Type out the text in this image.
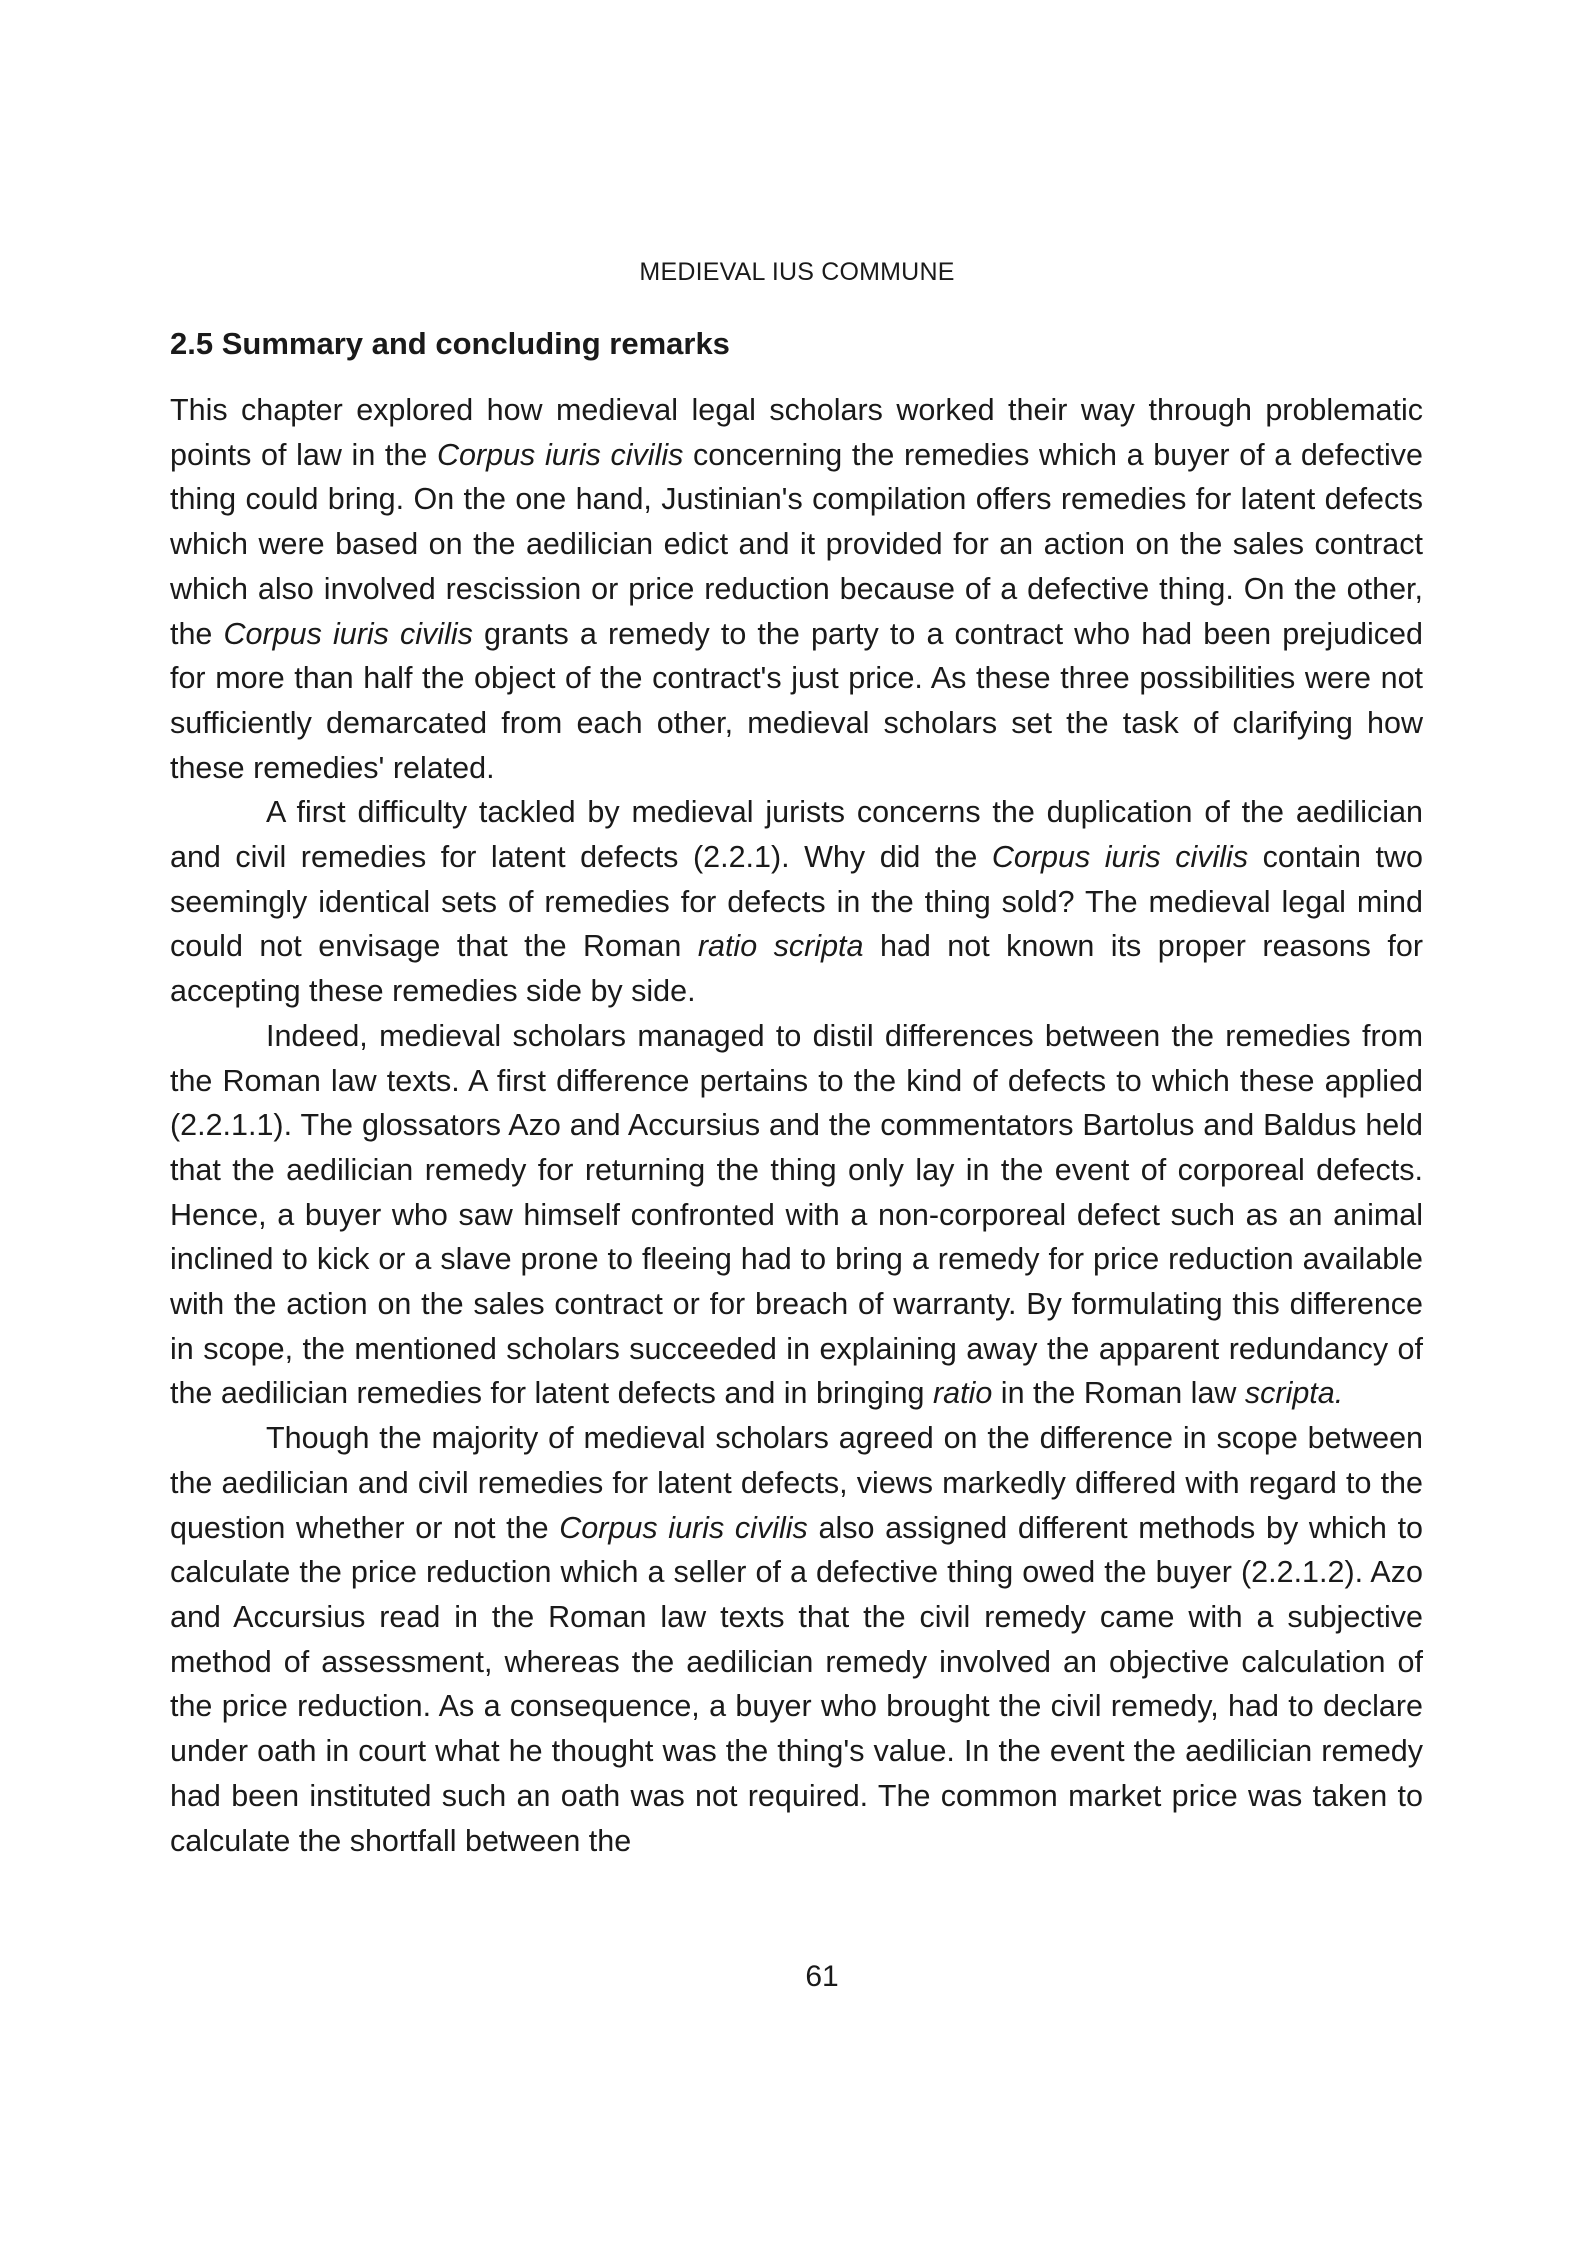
MEDIEVAL IUS COMMUNE
2.5 Summary and concluding remarks

This chapter explored how medieval legal scholars worked their way through problematic points of law in the Corpus iuris civilis concerning the remedies which a buyer of a defective thing could bring. On the one hand, Justinian's compilation offers remedies for latent defects which were based on the aedilician edict and it provided for an action on the sales contract which also involved rescission or price reduction because of a defective thing. On the other, the Corpus iuris civilis grants a remedy to the party to a contract who had been prejudiced for more than half the object of the contract's just price. As these three possibilities were not sufficiently demarcated from each other, medieval scholars set the task of clarifying how these remedies' related.

A first difficulty tackled by medieval jurists concerns the duplication of the aedilician and civil remedies for latent defects (2.2.1). Why did the Corpus iuris civilis contain two seemingly identical sets of remedies for defects in the thing sold? The medieval legal mind could not envisage that the Roman ratio scripta had not known its proper reasons for accepting these remedies side by side.

Indeed, medieval scholars managed to distil differences between the remedies from the Roman law texts. A first difference pertains to the kind of defects to which these applied (2.2.1.1). The glossators Azo and Accursius and the commentators Bartolus and Baldus held that the aedilician remedy for returning the thing only lay in the event of corporeal defects. Hence, a buyer who saw himself confronted with a non-corporeal defect such as an animal inclined to kick or a slave prone to fleeing had to bring a remedy for price reduction available with the action on the sales contract or for breach of warranty. By formulating this difference in scope, the mentioned scholars succeeded in explaining away the apparent redundancy of the aedilician remedies for latent defects and in bringing ratio in the Roman law scripta.

Though the majority of medieval scholars agreed on the difference in scope between the aedilician and civil remedies for latent defects, views markedly differed with regard to the question whether or not the Corpus iuris civilis also assigned different methods by which to calculate the price reduction which a seller of a defective thing owed the buyer (2.2.1.2). Azo and Accursius read in the Roman law texts that the civil remedy came with a subjective method of assessment, whereas the aedilician remedy involved an objective calculation of the price reduction. As a consequence, a buyer who brought the civil remedy, had to declare under oath in court what he thought was the thing's value. In the event the aedilician remedy had been instituted such an oath was not required. The common market price was taken to calculate the shortfall between the

61
